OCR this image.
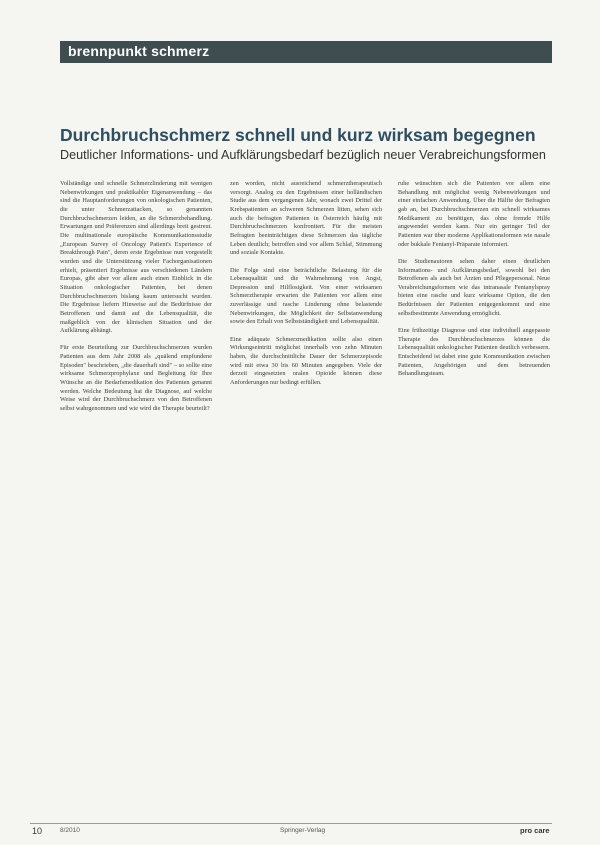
brennpunkt schmerz
Durchbruchschmerz schnell und kurz wirksam begegnen
Deutlicher Informations- und Aufklärungsbedarf bezüglich neuer Verabreichungsformen

Vollständige und schnelle Schmerzlinderung mit wenigen Nebenwirkungen und praktikabler Eigenanwendung – das sind die Hauptanforderungen von onkologischen Patienten, die unter Schmerzattacken, so genannten Durchbruchschmerzen leiden, an die Schmerzbehandlung. Erwartungen und Präferenzen sind allerdings breit gestreut. Die multinationale europäische Kommunikationsstudie „European Survey of Oncology Patient's Experience of Breakthrough Pain", deren erste Ergebnisse nun vorgestellt wurden und die Unterstützung vieler Fachorganisationen erhielt, präsentiert Ergebnisse aus verschiedenen Ländern Europas, gibt aber vor allem auch einen Einblick in die Situation onkologischer Patienten, bei denen Durchbruchschmerzen bislang kaum untersucht wurden. Die Ergebnisse liefern Hinweise auf die Bedürfnisse der Betroffenen und damit auf die Lebensqualität, die maßgeblich von der klinischen Situation und der Aufklärung abhängt.

Für erste Beurteilung zur Durchbruchschmerzen wurden Patienten aus dem Jahr 2008 als „quälend empfundene Episoden" beschrieben, „die dauerhaft sind" – so sollte eine wirksame Schmerzprophylaxe und Begleitung für Ihre Wünsche an die Bedarfsmedikation des Patienten genannt werden. Welche Bedeutung hat die Diagnose, auf welche Weise wird der Durchbruchschmerz von den Betroffenen selbst wahrgenommen und wie wird die Therapie beurteilt?

zen worden, nicht ausreichend schmerztherapeutisch versorgt. Analog zu den Ergebnissen einer holländischen Studie aus dem vergangenen Jahr, wonach zwei Drittel der Krebspatienten an schweren Schmerzen litten, sehen sich auch die befragten Patienten in Österreich häufig mit Durchbruchschmerzen konfrontiert. Für die meisten Befragten beeinträchtigen diese Schmerzen das tägliche Leben deutlich; betroffen sind vor allem Schlaf, Stimmung und soziale Kontakte.

Die Folge sind eine beträchtliche Belastung für die Lebensqualität und die Wahrnehmung von Angst, Depression und Hilflosigkeit. Von einer wirksamen Schmerztherapie erwarten die Patienten vor allem eine zuverlässige und rasche Linderung ohne belastende Nebenwirkungen, die Möglichkeit der Selbstanwendung sowie den Erhalt von Selbstständigkeit und Lebensqualität.

Eine adäquate Schmerzmedikation sollte also einen Wirkungseintritt möglichst innerhalb von zehn Minuten haben, die durchschnittliche Dauer der Schmerzepisode wird mit etwa 30 bis 60 Minuten angegeben. Viele der derzeit eingesetzten oralen Opioide können diese Anforderungen nur bedingt erfüllen.

ruhe wünschten sich die Patienten vor allem eine Behandlung mit möglichst wenig Nebenwirkungen und einer einfachen Anwendung. Über die Hälfte der Befragten gab an, bei Durchbruchschmerzen ein schnell wirksames Medikament zu benötigen, das ohne fremde Hilfe angewendet werden kann. Nur ein geringer Teil der Patienten war über moderne Applikationsformen wie nasale oder bukkale Fentanyl-Präparate informiert.

Die Studienautoren sehen daher einen deutlichen Informations- und Aufklärungsbedarf, sowohl bei den Betroffenen als auch bei Ärzten und Pflegepersonal. Neue Verabreichungsformen wie das intranasale Fentanylspray bieten eine rasche und kurz wirksame Option, die den Bedürfnissen der Patienten entgegenkommt und eine selbstbestimmte Anwendung ermöglicht.

Eine frühzeitige Diagnose und eine individuell angepasste Therapie des Durchbruchschmerzes können die Lebensqualität onkologischer Patienten deutlich verbessern. Entscheidend ist dabei eine gute Kommunikation zwischen Patienten, Angehörigen und dem betreuenden Behandlungsteam.

10	8/2010	Springer-Verlag	pro care
